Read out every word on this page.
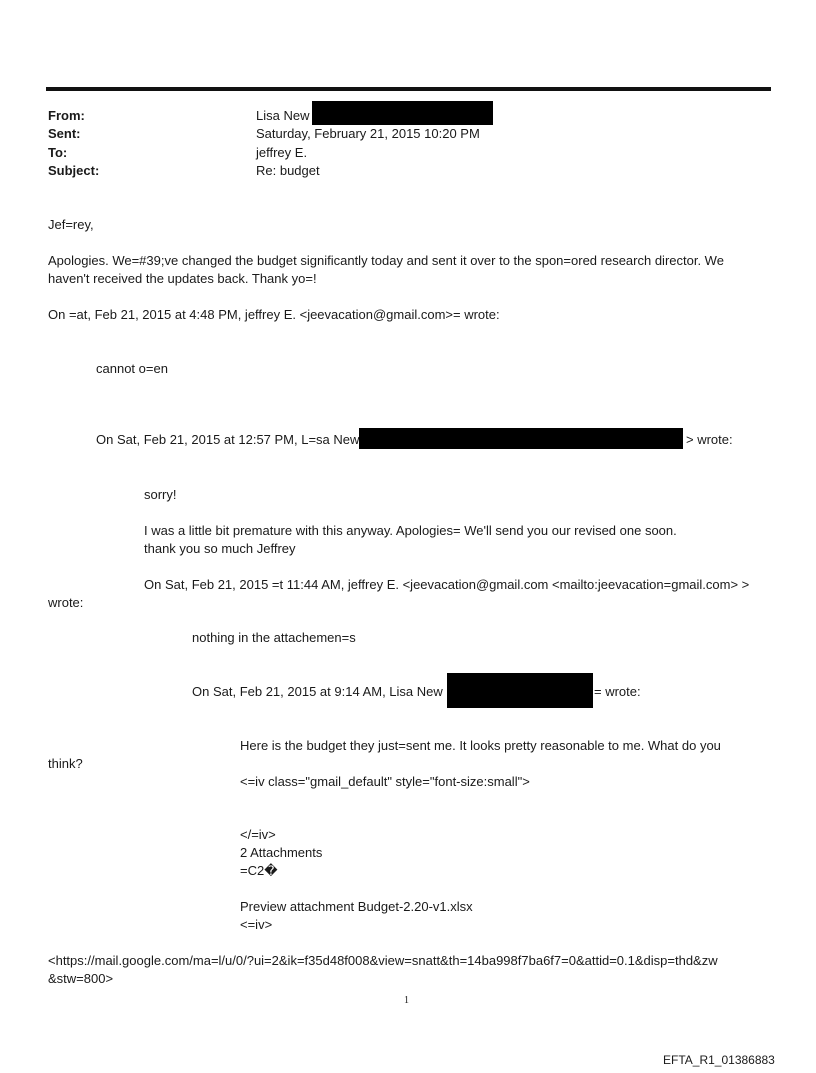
From:	Lisa New
Sent:	Saturday, February 21, 2015 10:20 PM
To:	jeffrey E.
Subject:	Re: budget
Jef=rey,
Apologies. We=#39;ve changed the budget significantly today and sent it over to the spon=ored research director. We
haven't received the updates back. Thank yo=!
On =at, Feb 21, 2015 at 4:48 PM, jeffrey E. <jeevacation@gmail.com>= wrote:
cannot o=en
On Sat, Feb 21, 2015 at 12:57 PM, L=sa New	> wrote:
sorry!
I was a little bit premature with this anyway. Apologies= We'll send you our revised one soon.
thank you so much Jeffrey
On Sat, Feb 21, 2015 =t 11:44 AM, jeffrey E. <jeevacation@gmail.com <mailto:jeevacation=gmail.com> >
wrote:
nothing in the attachemen=s
On Sat, Feb 21, 2015 at 9:14 AM, Lisa New	= wrote:
Here is the budget they just=sent me. It looks pretty reasonable to me. What do you
think?
<=iv class="gmail_default" style="font-size:small">
</=iv>
2 Attachments
=C2�
Preview attachment Budget-2.20-v1.xlsx
<=iv>
<https://mail.google.com/ma=l/u/0/?ui=2&ik=f35d48f008&view=snatt&th=14ba998f7ba6f7=0&attid=0.1&disp=thd&zw
&stw=800>
1
EFTA_R1_01386883
